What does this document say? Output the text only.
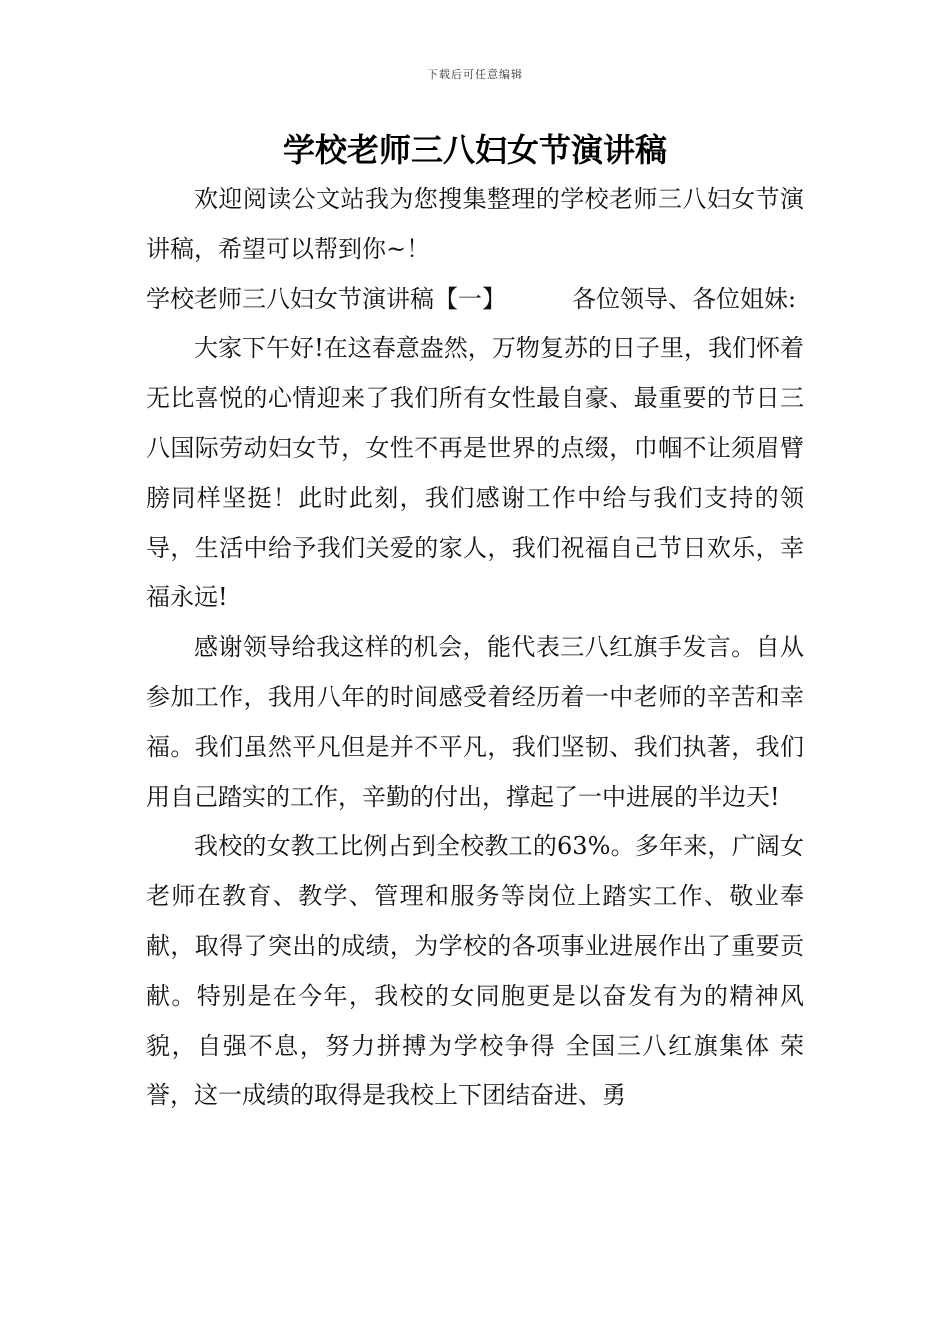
下载后可任意编辑
学校老师三八妇女节演讲稿

欢迎阅读公文站我为您搜集整理的学校老师三八妇女节演讲稿，希望可以帮到你~！

学校老师三八妇女节演讲稿【一】	各位领导、各位姐妹:

大家下午好!在这春意盎然，万物复苏的日子里，我们怀着无比喜悦的心情迎来了我们所有女性最自豪、最重要的节日三八国际劳动妇女节，女性不再是世界的点缀，巾帼不让须眉臂膀同样坚挺！此时此刻，我们感谢工作中给与我们支持的领导，生活中给予我们关爱的家人，我们祝福自己节日欢乐，幸福永远!

感谢领导给我这样的机会，能代表三八红旗手发言。自从参加工作，我用八年的时间感受着经历着一中老师的辛苦和幸福。我们虽然平凡但是并不平凡，我们坚韧、我们执著，我们用自己踏实的工作，辛勤的付出，撑起了一中进展的半边天!

我校的女教工比例占到全校教工的63%。多年来，广阔女老师在教育、教学、管理和服务等岗位上踏实工作、敬业奉献，取得了突出的成绩，为学校的各项事业进展作出了重要贡献。特别是在今年，我校的女同胞更是以奋发有为的精神风貌，自强不息，努力拼搏为学校争得 全国三八红旗集体 荣誉，这一成绩的取得是我校上下团结奋进、勇
